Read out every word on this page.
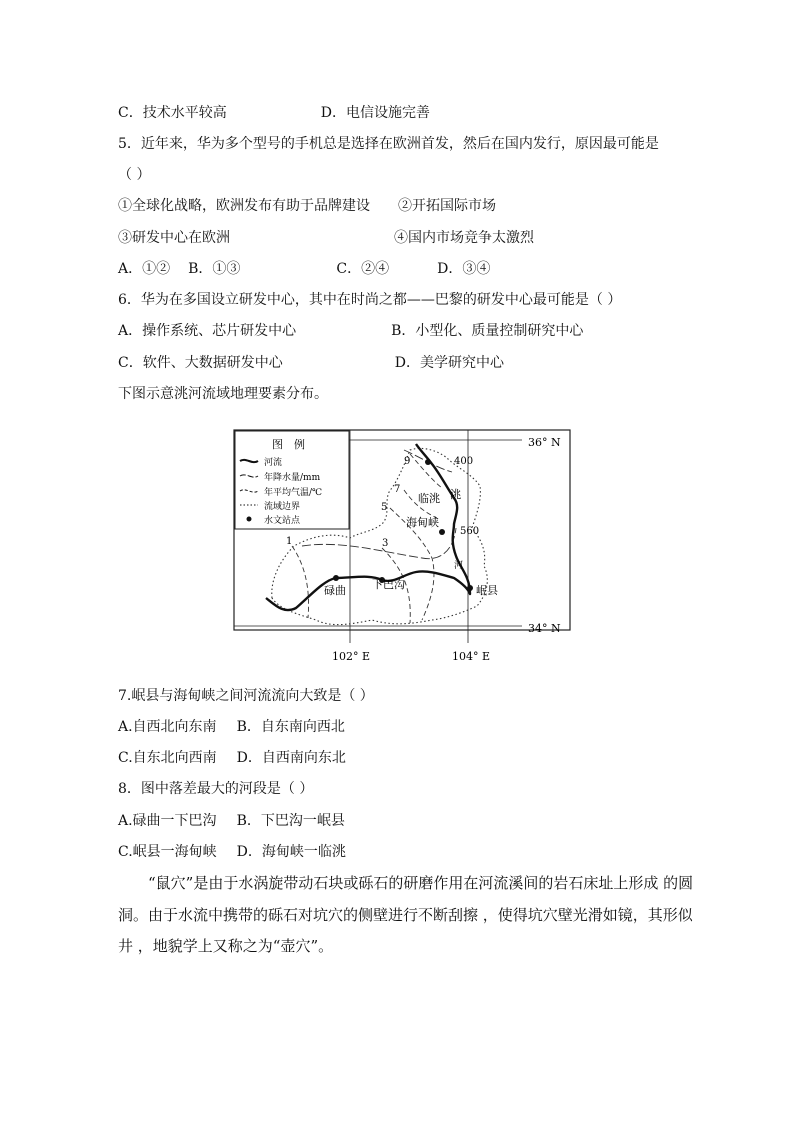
C．技术水平较高	D．电信设施完善
5．近年来，华为多个型号的手机总是选择在欧洲首发，然后在国内发行，原因最可能是
（ ）
①全球化战略，欧洲发布有助于品牌建设 ②开拓国际市场
③研发中心在欧洲	④国内市场竞争太激烈
A．①② B．①③	C．②④	D．③④
6．华为在多国设立研发中心，其中在时尚之都——巴黎的研发中心最可能是（ ）
A．操作系统、芯片研发中心	B．小型化、质量控制研究中心
C．软件、大数据研发中心	D．美学研究中心
下图示意洮河流域地理要素分布。
图　例
河流
年降水量/mm
年平均气温/℃
流域边界
水文站点
36° N
34° N
102° E	104° E
临洮
海甸峡
碌曲 下巴沟	岷县
洮
河
9
7
5
3
1
400
560
7.岷县与海甸峡之间河流流向大致是（ ）
A.自西北向东南 B．自东南向西北
C.自东北向西南 D．自西南向东北
8．图中落差最大的河段是（ ）
A.碌曲一下巴沟 B．下巴沟一岷县
C.岷县一海甸峡 D．海甸峡一临洮
“鼠穴”是由于水涡旋带动石块或砾石的研磨作用在河流溪间的岩石床址上形成 的圆
洞。由于水流中携带的砾石对坑穴的侧壁进行不断刮擦 ，使得坑穴壁光滑如镜，其形似
井 ，地貌学上又称之为“壶穴”。
